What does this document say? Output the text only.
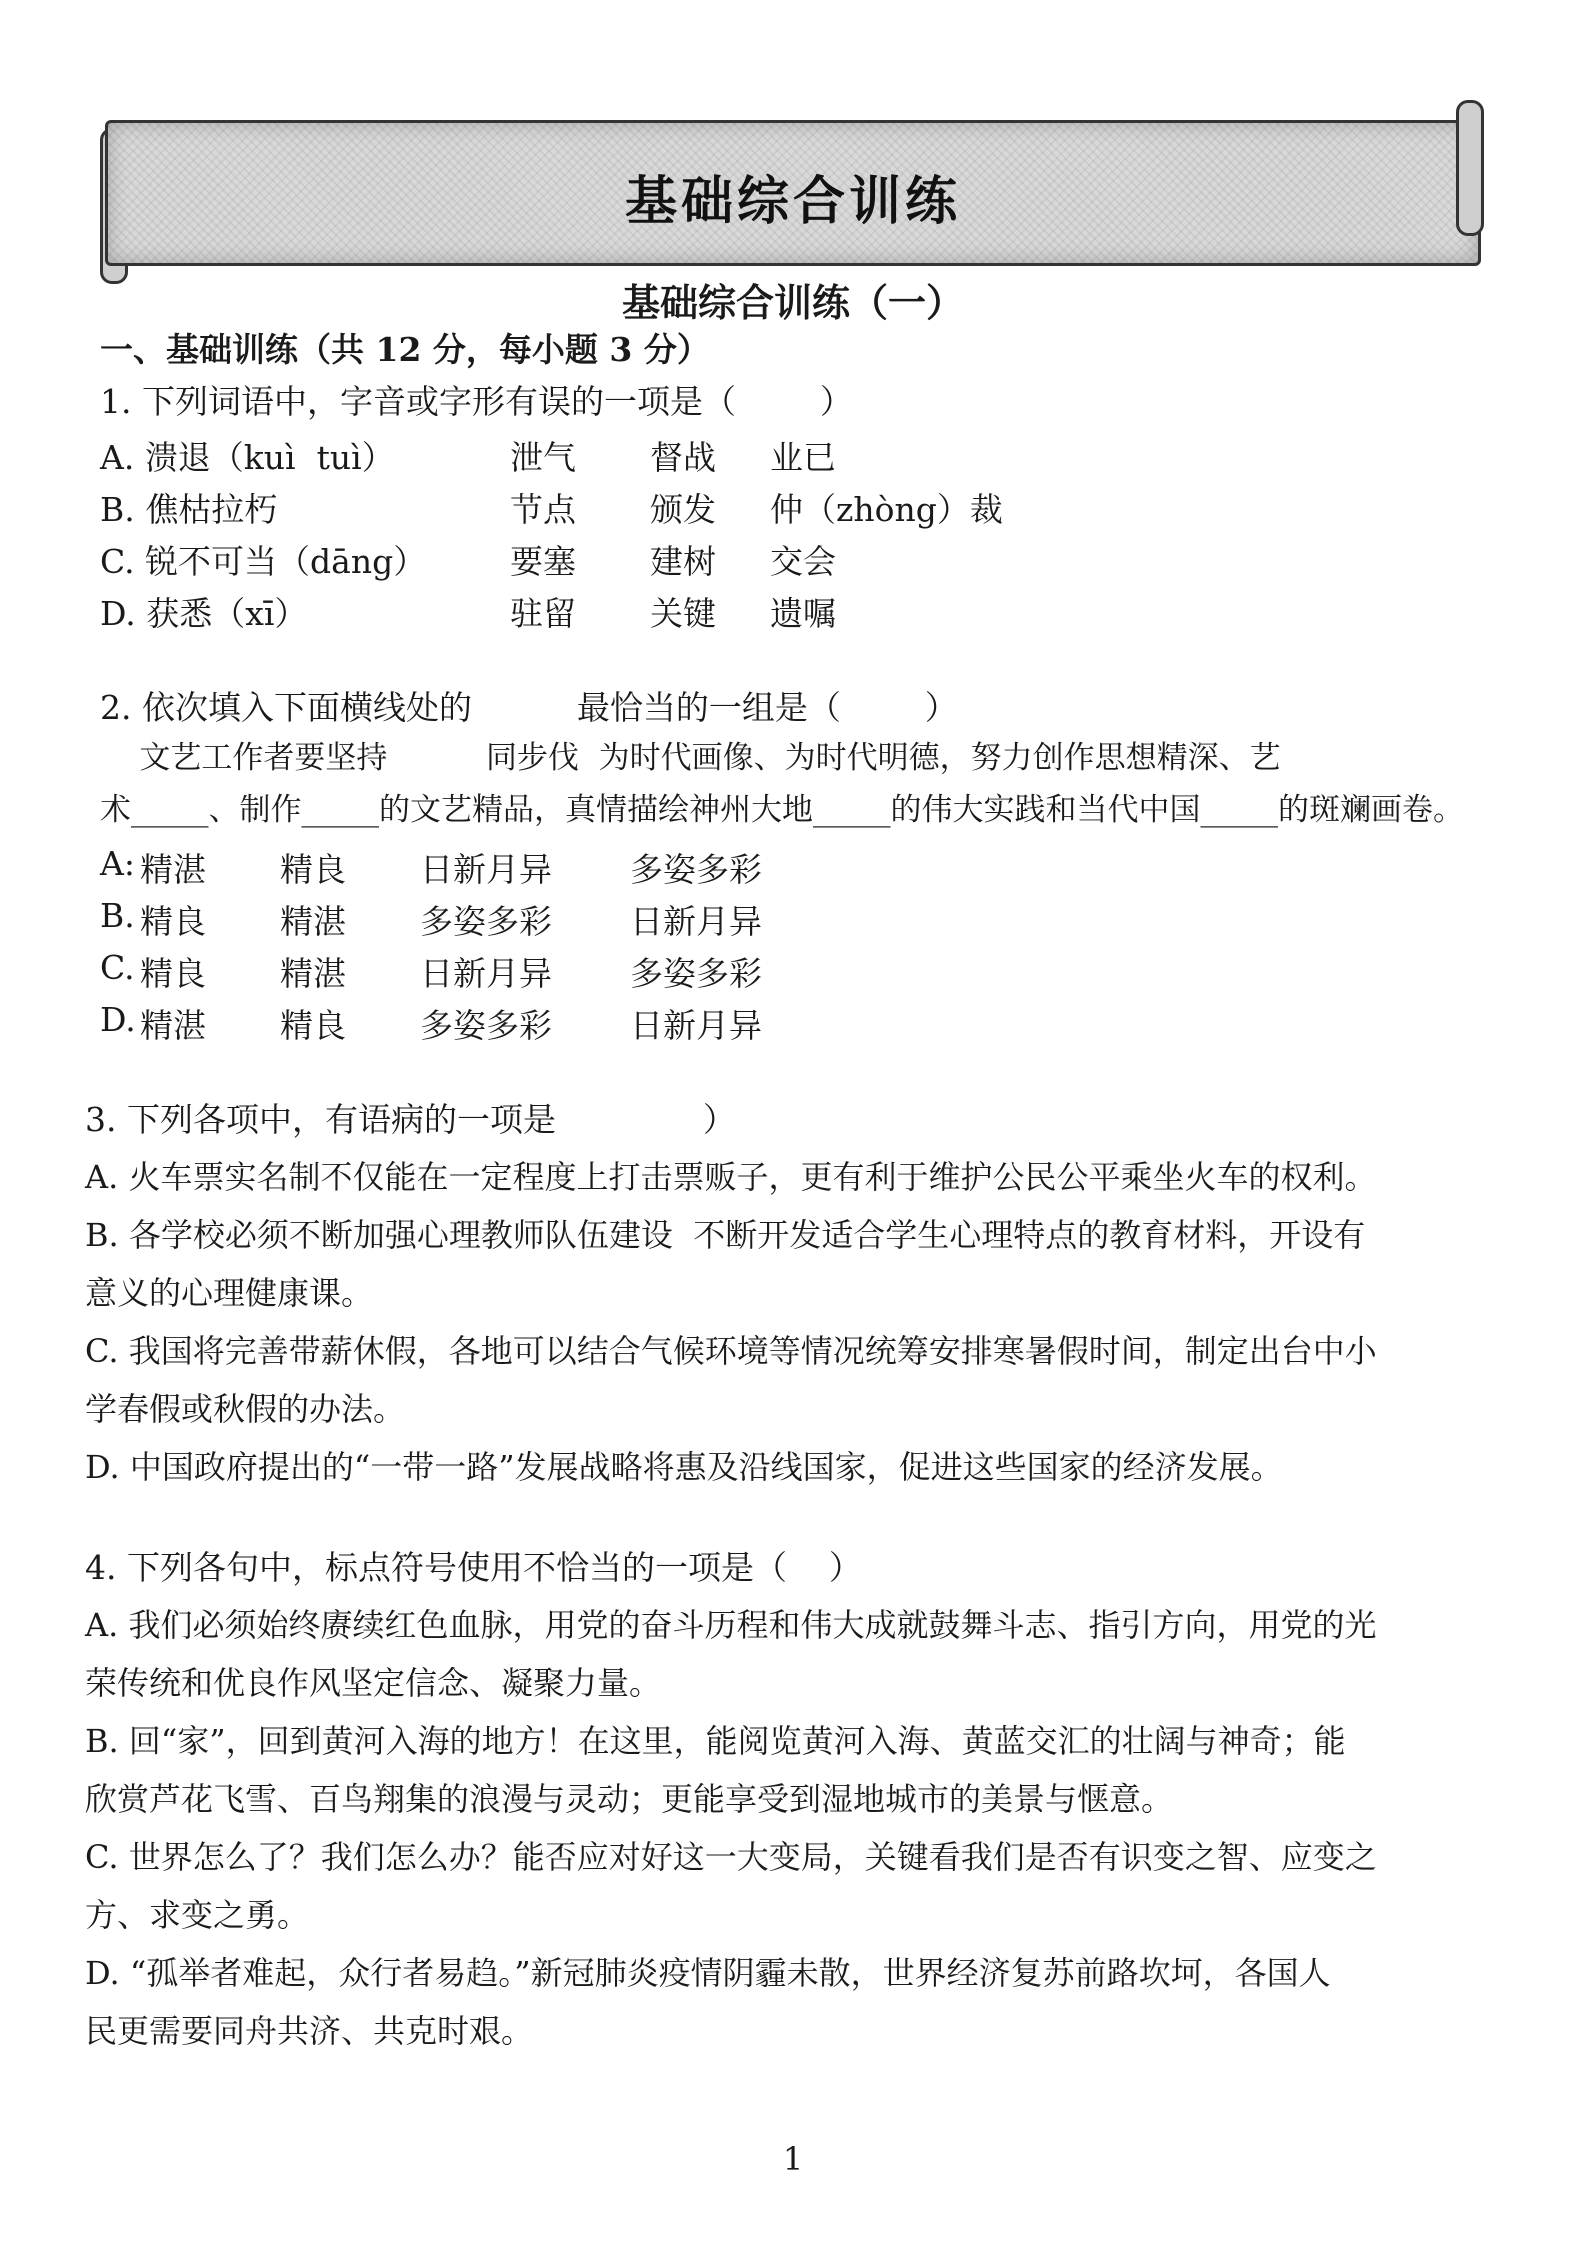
基础综合训练
基础综合训练（一）
一、基础训练（共 12 分，每小题 3 分）
1. 下列词语中，字音或字形有误的一项是（        ）
A. 溃退（kuì  tuì）	泄气 督战 业已
B. 僬枯拉朽	节点 颁发 仲（zhòng）裁
C. 锐不可当（dāng）	要塞 建树 交会
D. 获悉（xī）	驻留 关键 遗嘱
2. 依次填入下面横线处的          最恰当的一组是（        ）
文艺工作者要坚持          同步伐  为时代画像、为时代明德，努力创作思想精深、艺
术_____、制作_____的文艺精品，真情描绘神州大地_____的伟大实践和当代中国_____的斑斓画卷。
A: 精湛 精良 日新月异 多姿多彩
B. 精良 精湛 多姿多彩 日新月异
C. 精良 精湛 日新月异 多姿多彩
D. 精湛 精良 多姿多彩 日新月异
3. 下列各项中，有语病的一项是              ）
A. 火车票实名制不仅能在一定程度上打击票贩子，更有利于维护公民公平乘坐火车的权利。
B. 各学校必须不断加强心理教师队伍建设  不断开发适合学生心理特点的教育材料，开设有
意义的心理健康课。
C. 我国将完善带薪休假，各地可以结合气候环境等情况统筹安排寒暑假时间，制定出台中小
学春假或秋假的办法。
D. 中国政府提出的“一带一路”发展战略将惠及沿线国家，促进这些国家的经济发展。
4. 下列各句中，标点符号使用不恰当的一项是（    ）
A. 我们必须始终赓续红色血脉，用党的奋斗历程和伟大成就鼓舞斗志、指引方向，用党的光
荣传统和优良作风坚定信念、凝聚力量。
B. 回“家”，回到黄河入海的地方！在这里，能阅览黄河入海、黄蓝交汇的壮阔与神奇；能
欣赏芦花飞雪、百鸟翔集的浪漫与灵动；更能享受到湿地城市的美景与惬意。
C. 世界怎么了？我们怎么办？能否应对好这一大变局，关键看我们是否有识变之智、应变之
方、求变之勇。
D. “孤举者难起，众行者易趋。”新冠肺炎疫情阴霾未散，世界经济复苏前路坎坷，各国人
民更需要同舟共济、共克时艰。
1
